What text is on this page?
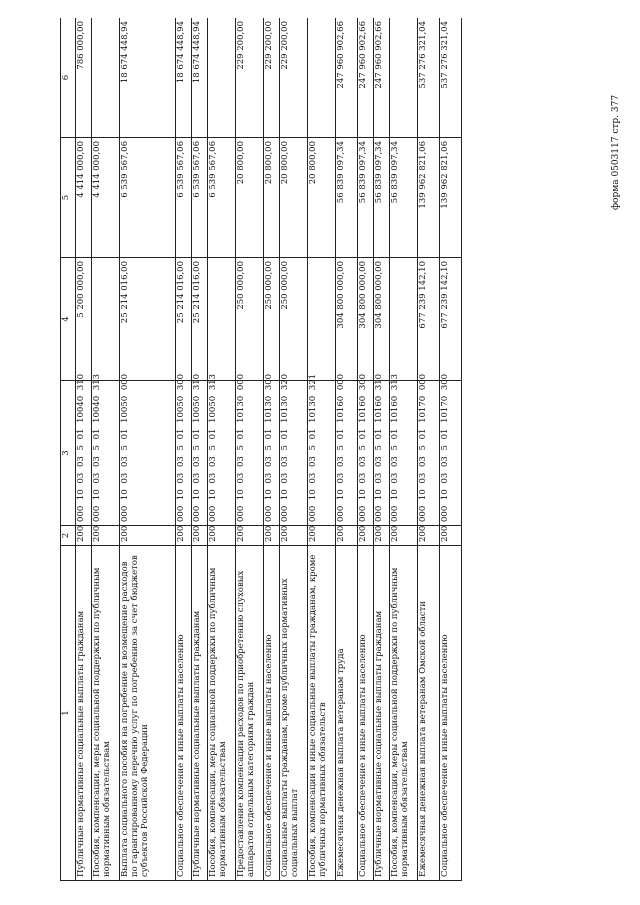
форма 0503117 стр. 377
1	2	3	4	5	6
Публичные нормативные социальные выплаты гражданам	200	000 10 03 03 5 01 10040 310	5 200 000,00	4 414 000,00	786 000,00
Пособия, компенсации, меры социальной поддержки по публичным нормативным обязательствам	200	000 10 03 03 5 01 10040 313		4 414 000,00	
Выплата социального пособия на погребение и возмещение расходов по гарантированному перечню услуг по погребению за счет бюджетов субъектов Российской Федерации	200	000 10 03 03 5 01 10050 000	25 214 016,00	6 539 567,06	18 674 448,94
Социальное обеспечение и иные выплаты населению	200	000 10 03 03 5 01 10050 300	25 214 016,00	6 539 567,06	18 674 448,94
Публичные нормативные социальные выплаты гражданам	200	000 10 03 03 5 01 10050 310	25 214 016,00	6 539 567,06	18 674 448,94
Пособия, компенсации, меры социальной поддержки по публичным нормативным обязательствам	200	000 10 03 03 5 01 10050 313		6 539 567,06	
Предоставление компенсации расходов по приобретению слуховых аппаратов отдельным категориям граждан	200	000 10 03 03 5 01 10130 000	250 000,00	20 800,00	229 200,00
Социальное обеспечение и иные выплаты населению	200	000 10 03 03 5 01 10130 300	250 000,00	20 800,00	229 200,00
Социальные выплаты гражданам, кроме публичных нормативных социальных выплат	200	000 10 03 03 5 01 10130 320	250 000,00	20 800,00	229 200,00
Пособия, компенсации и иные социальные выплаты гражданам, кроме публичных нормативных обязательств	200	000 10 03 03 5 01 10130 321		20 800,00	
Ежемесячная денежная выплата ветеранам труда	200	000 10 03 03 5 01 10160 000	304 800 000,00	56 839 097,34	247 960 902,66
Социальное обеспечение и иные выплаты населению	200	000 10 03 03 5 01 10160 300	304 800 000,00	56 839 097,34	247 960 902,66
Публичные нормативные социальные выплаты гражданам	200	000 10 03 03 5 01 10160 310	304 800 000,00	56 839 097,34	247 960 902,66
Пособия, компенсации, меры социальной поддержки по публичным нормативным обязательствам	200	000 10 03 03 5 01 10160 313		56 839 097,34	
Ежемесячная денежная выплата ветеранам Омской области	200	000 10 03 03 5 01 10170 000	677 239 142,10	139 962 821,06	537 276 321,04
Социальное обеспечение и иные выплаты населению	200	000 10 03 03 5 01 10170 300	677 239 142,10	139 962 821,06	537 276 321,04
